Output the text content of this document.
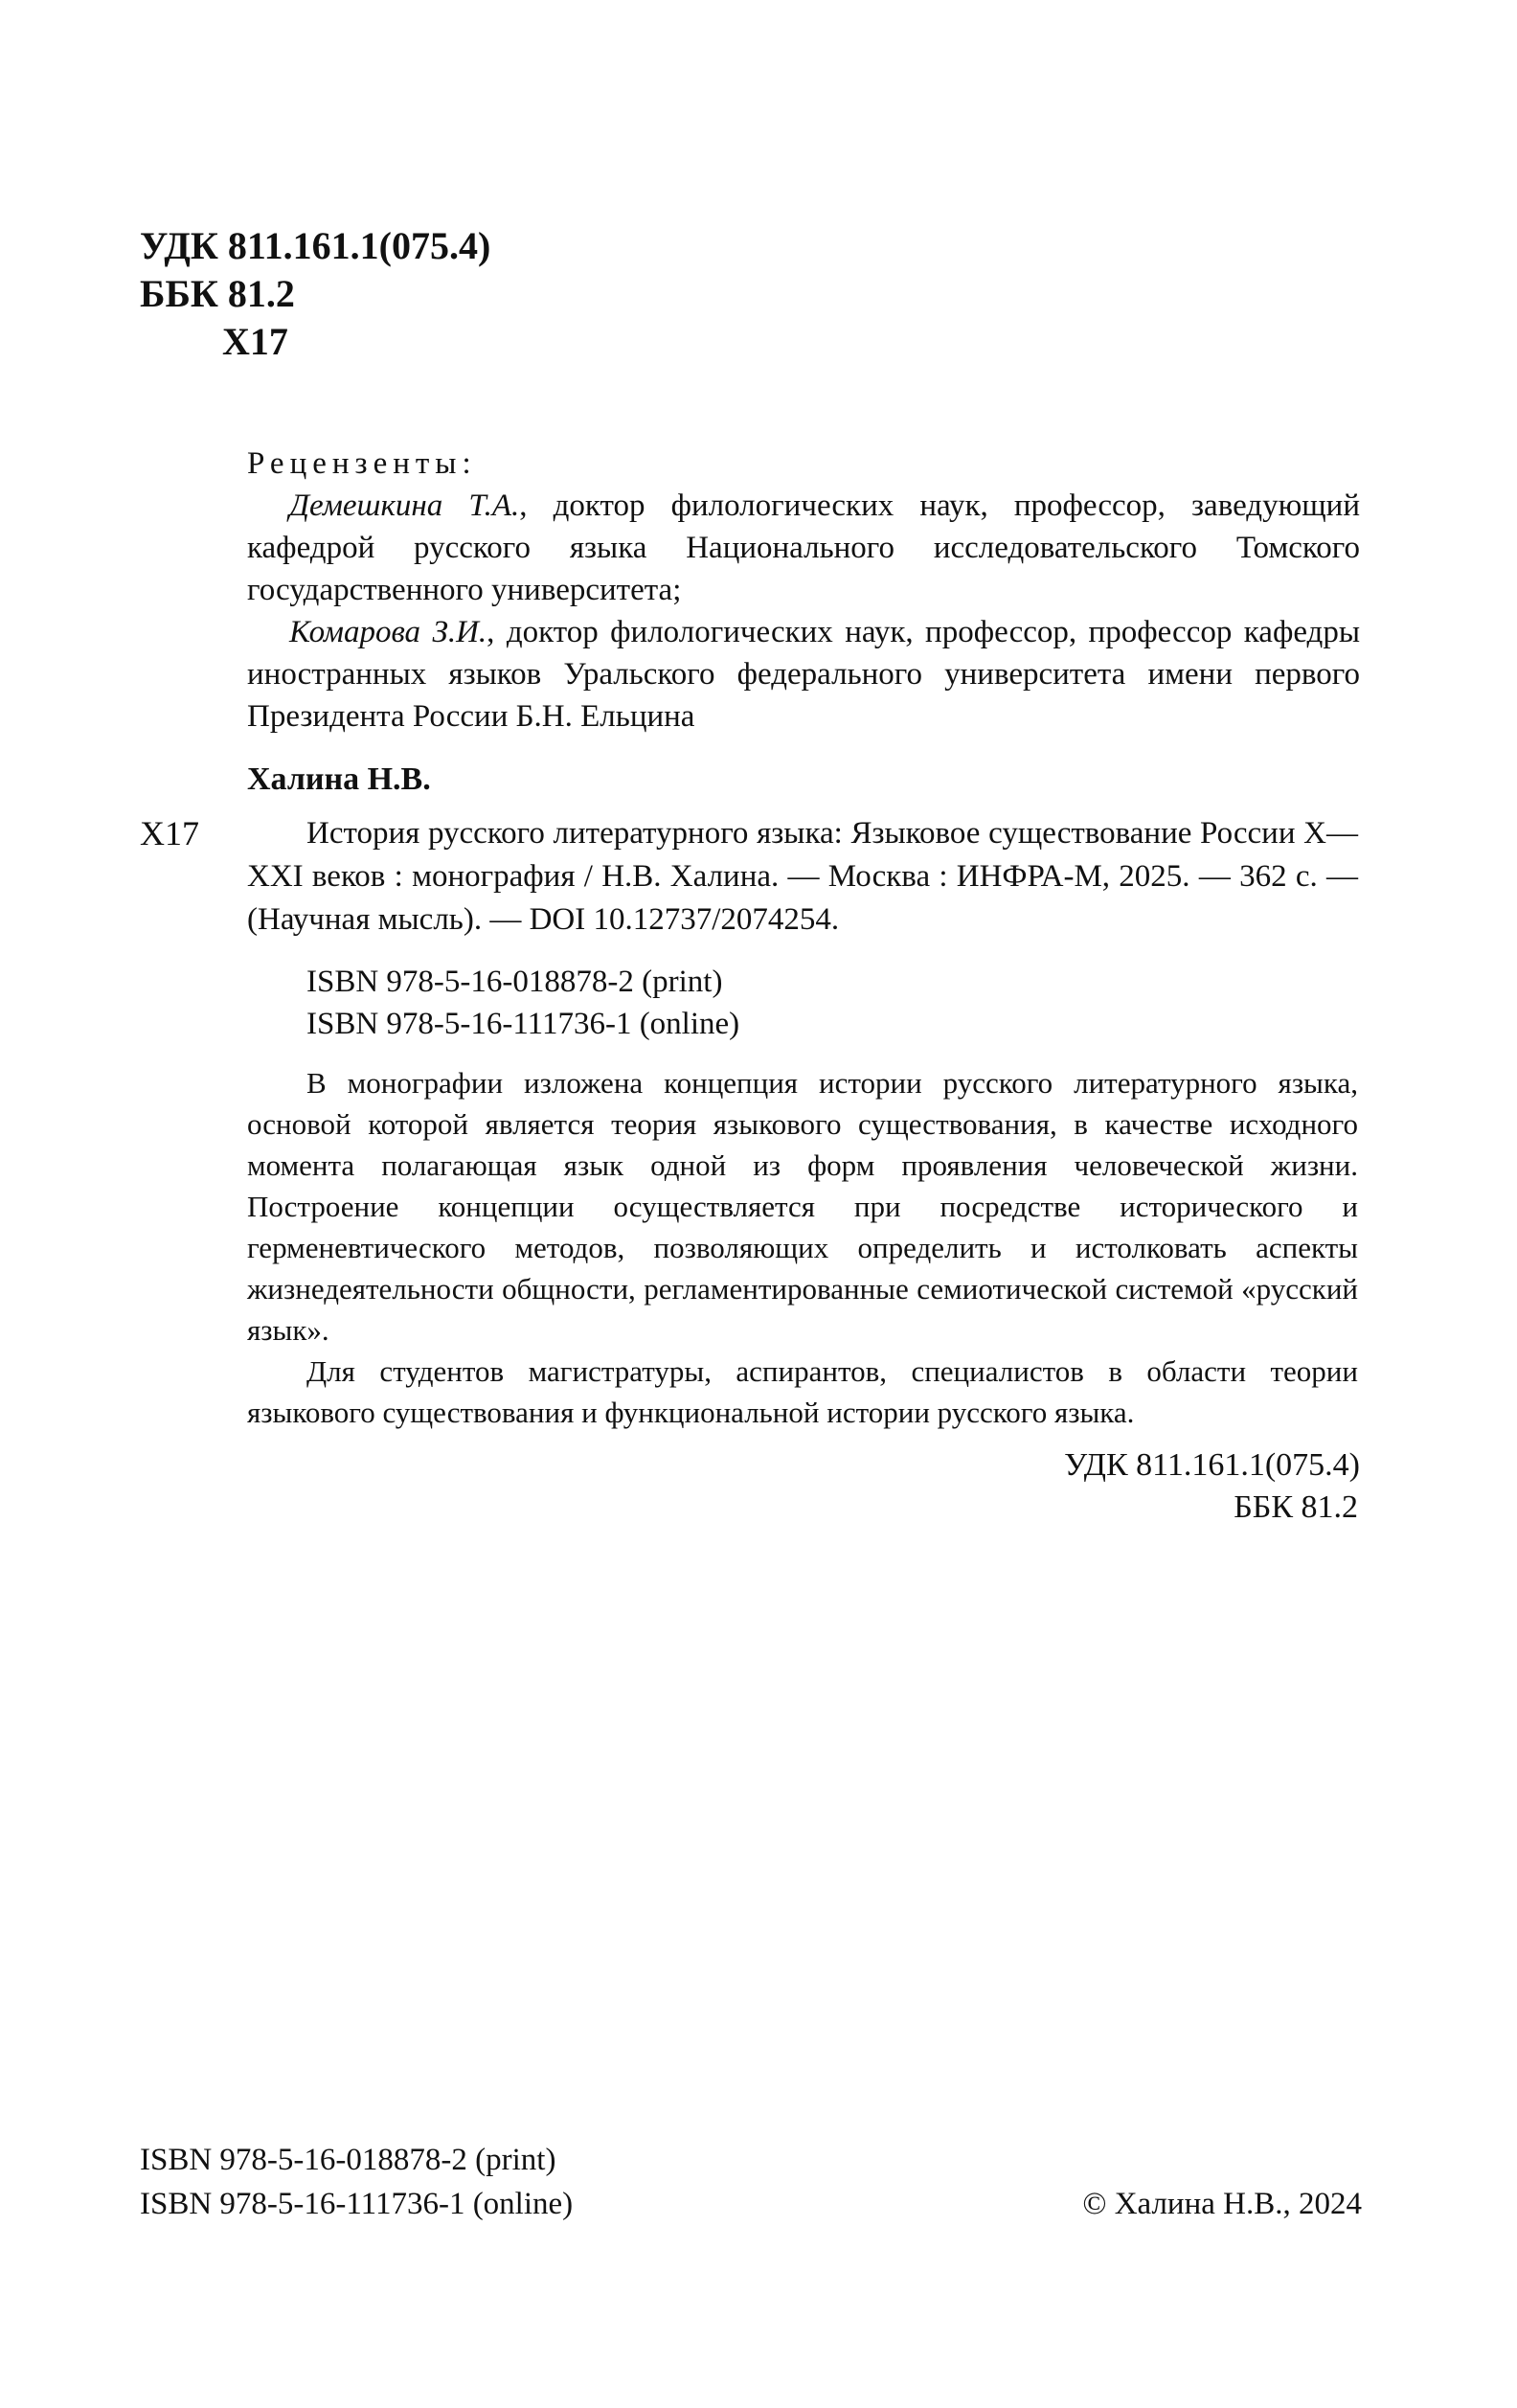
УДК 811.161.1(075.4)
ББК 81.2
Х17
Рецензенты:

Демешкина Т.А., доктор филологических наук, профессор, заведующий кафедрой русского языка Национального исследовательского Томского государственного университета;

Комарова З.И., доктор филологических наук, профессор, профессор кафедры иностранных языков Уральского федерального университета имени первого Президента России Б.Н. Ельцина

Халина Н.В.
Х17	История русского литературного языка: Языковое существование России X—XXI веков : монография / Н.В. Халина. — Москва : ИНФРА-М, 2025. — 362 с. — (Научная мысль). — DOI 10.12737/2074254.

ISBN 978-5-16-018878-2 (print)
ISBN 978-5-16-111736-1 (online)

В монографии изложена концепция истории русского литературного языка, основой которой является теория языкового существования, в качестве исходного момента полагающая язык одной из форм проявления человеческой жизни. Построение концепции осуществляется при посредстве исторического и герменевтического методов, позволяющих определить и истолковать аспекты жизнедеятельности общности, регламентированные семиотической системой «русский язык».

Для студентов магистратуры, аспирантов, специалистов в области теории языкового существования и функциональной истории русского языка.

УДК 811.161.1(075.4)
ББК 81.2
ISBN 978-5-16-018878-2 (print)
ISBN 978-5-16-111736-1 (online)	© Халина Н.В., 2024
